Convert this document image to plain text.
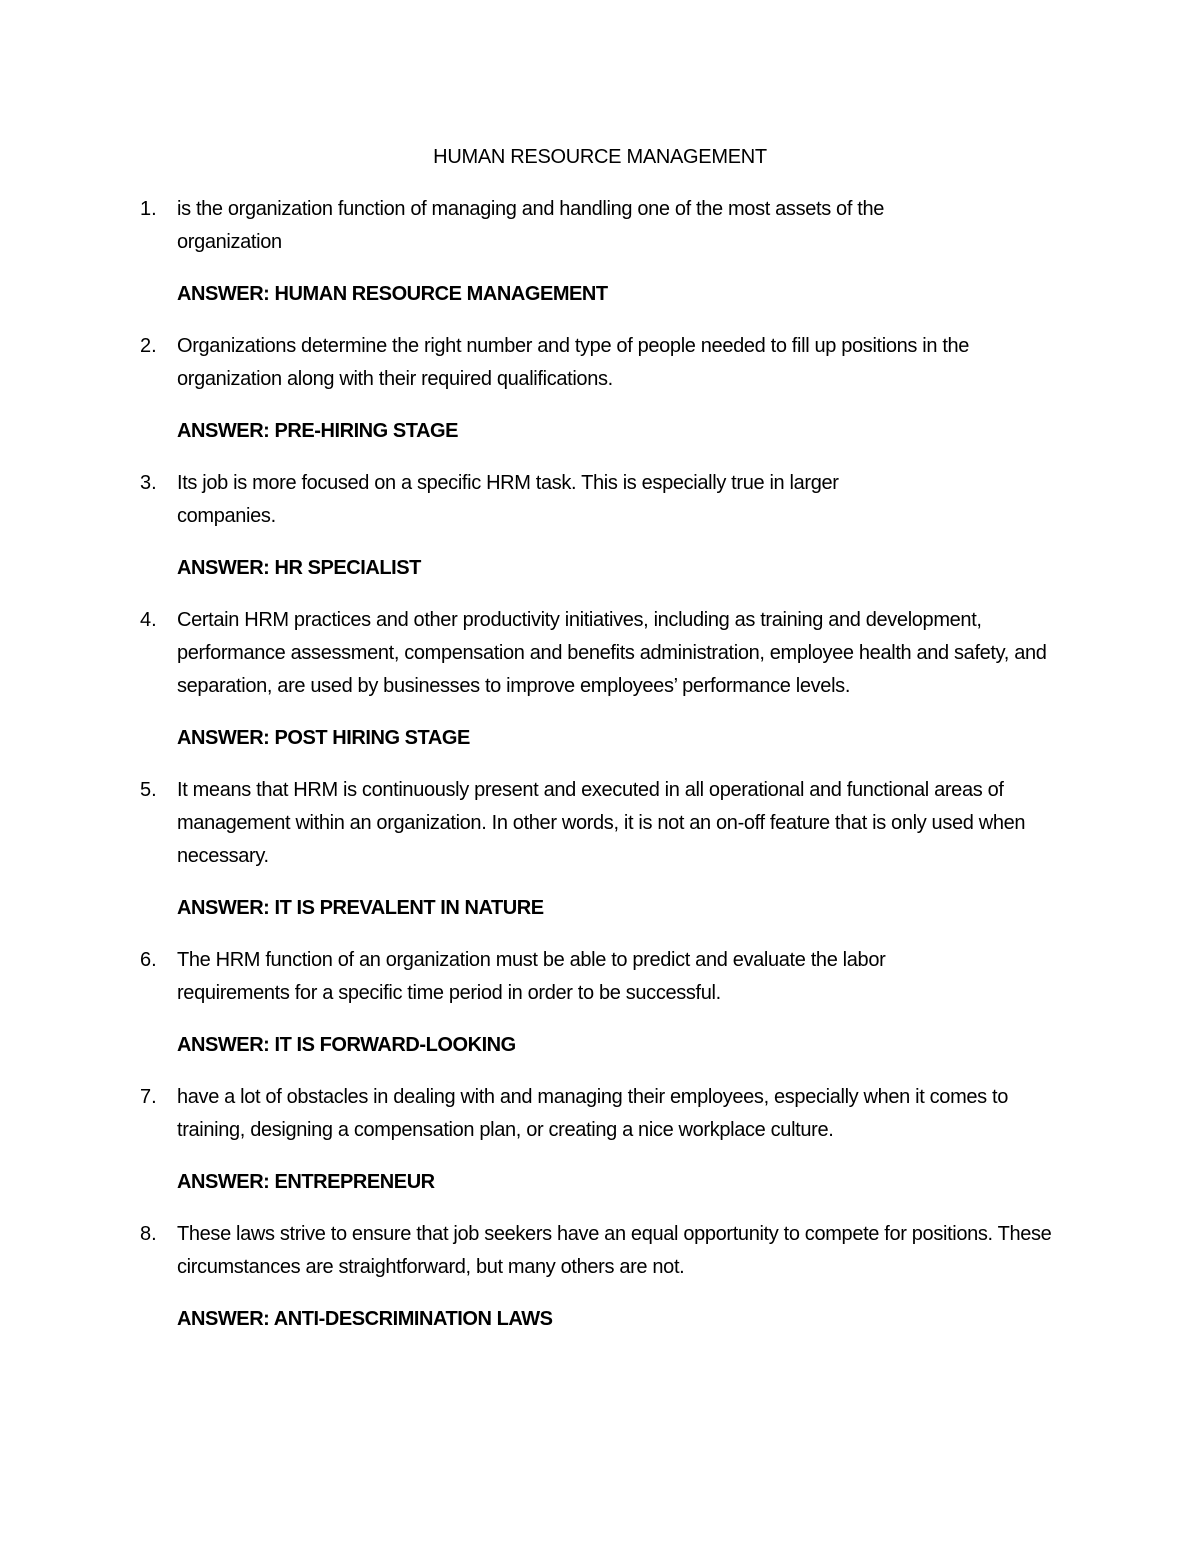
HUMAN RESOURCE MANAGEMENT
1. is the organization function of managing and handling one of the most assets of the organization

ANSWER: HUMAN RESOURCE MANAGEMENT

2. Organizations determine the right number and type of people needed to fill up positions in the organization along with their required qualifications.

ANSWER: PRE-HIRING STAGE

3. Its job is more focused on a specific HRM task. This is especially true in larger companies.

ANSWER: HR SPECIALIST

4. Certain HRM practices and other productivity initiatives, including as training and development, performance assessment, compensation and benefits administration, employee health and safety, and separation, are used by businesses to improve employees’ performance levels.

ANSWER: POST HIRING STAGE

5. It means that HRM is continuously present and executed in all operational and functional areas of management within an organization. In other words, it is not an on-off feature that is only used when necessary.

ANSWER: IT IS PREVALENT IN NATURE

6. The HRM function of an organization must be able to predict and evaluate the labor requirements for a specific time period in order to be successful.

ANSWER: IT IS FORWARD-LOOKING

7. have a lot of obstacles in dealing with and managing their employees, especially when it comes to training, designing a compensation plan, or creating a nice workplace culture.

ANSWER: ENTREPRENEUR

8. These laws strive to ensure that job seekers have an equal opportunity to compete for positions. These circumstances are straightforward, but many others are not.

ANSWER: ANTI-DESCRIMINATION LAWS
